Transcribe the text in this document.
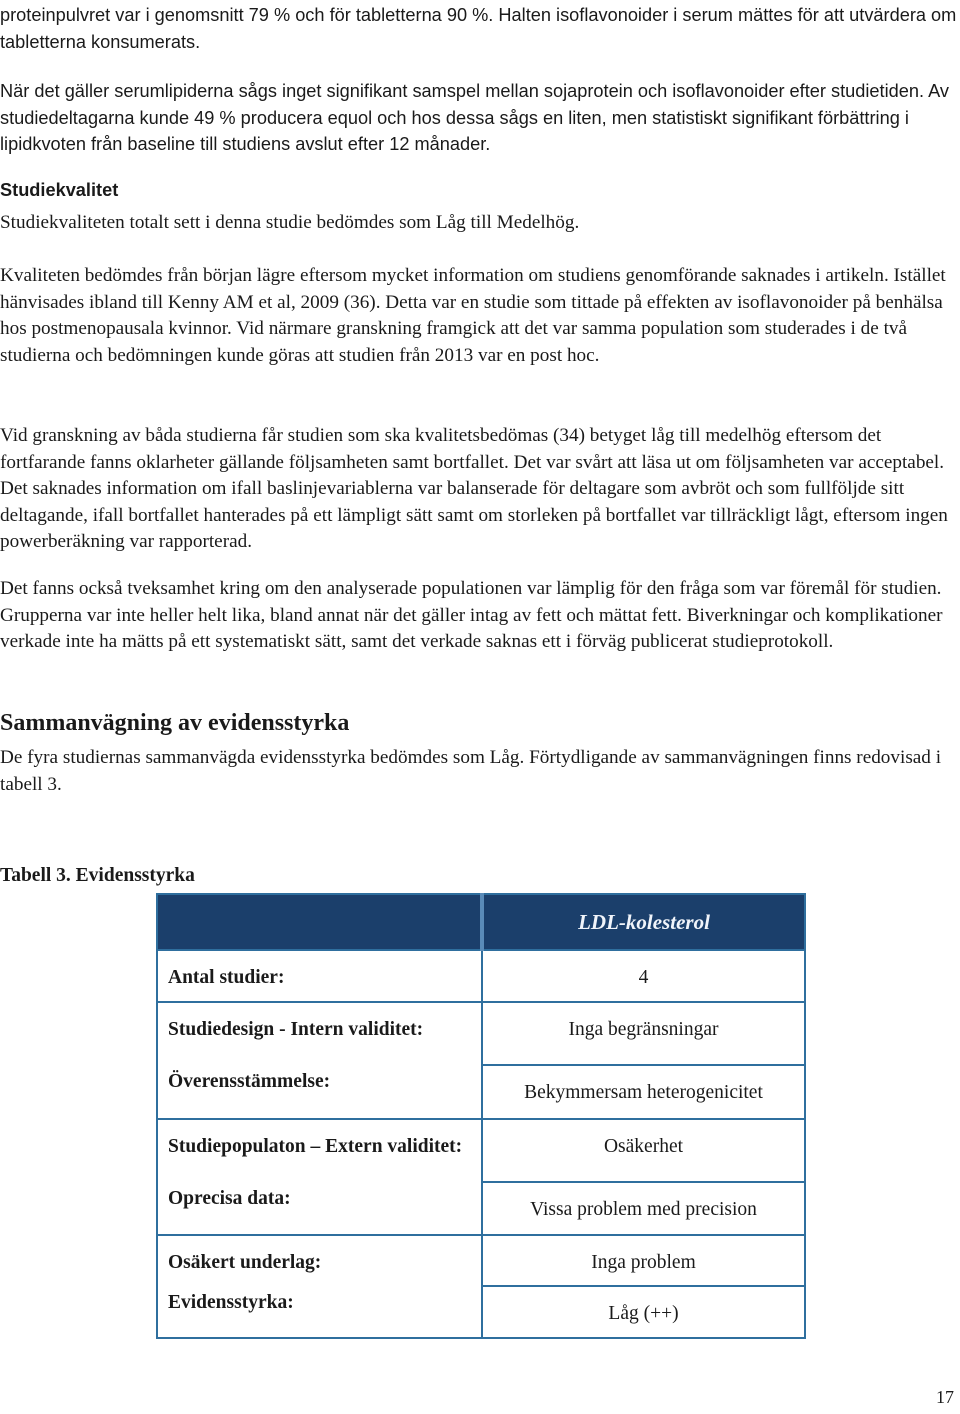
proteinpulvret var i genomsnitt 79 % och för tabletterna 90 %. Halten isoflavonoider i serum mättes för att utvärdera om tabletterna konsumerats.

När det gäller serumlipiderna sågs inget signifikant samspel mellan sojaprotein och isoflavonoider efter studietiden. Av studiedeltagarna kunde 49 % producera equol och hos dessa sågs en liten, men statistiskt signifikant förbättring i lipidkvoten från baseline till studiens avslut efter 12 månader.

Studiekvalitet

Studiekvaliteten totalt sett i denna studie bedömdes som Låg till Medelhög.

Kvaliteten bedömdes från början lägre eftersom mycket information om studiens genomförande saknades i artikeln. Istället hänvisades ibland till Kenny AM et al, 2009 (36). Detta var en studie som tittade på effekten av isoflavonoider på benhälsa hos postmenopausala kvinnor. Vid närmare granskning framgick att det var samma population som studerades i de två studierna och bedömningen kunde göras att studien från 2013 var en post hoc.

Vid granskning av båda studierna får studien som ska kvalitetsbedömas (34) betyget låg till medelhög eftersom det fortfarande fanns oklarheter gällande följsamheten samt bortfallet. Det var svårt att läsa ut om följsamheten var acceptabel. Det saknades information om ifall baslinjevariablerna var balanserade för deltagare som avbröt och som fullföljde sitt deltagande, ifall bortfallet hanterades på ett lämpligt sätt samt om storleken på bortfallet var tillräckligt lågt, eftersom ingen powerberäkning var rapporterad.

Det fanns också tveksamhet kring om den analyserade populationen var lämplig för den fråga som var föremål för studien. Grupperna var inte heller helt lika, bland annat när det gäller intag av fett och mättat fett. Biverkningar och komplikationer verkade inte ha mätts på ett systematiskt sätt, samt det verkade saknas ett i förväg publicerat studieprotokoll.

Sammanvägning av evidensstyrka

De fyra studiernas sammanvägda evidensstyrka bedömdes som Låg. Förtydligande av sammanvägningen finns redovisad i tabell 3.

Tabell 3. Evidensstyrka

	LDL-kolesterol
Antal studier:	4
Studiedesign - Intern validitet:	Inga begränsningar
Överensstämmelse:	Bekymmersam heterogenicitet
Studiepopulaton – Extern validitet:	Osäkerhet
Oprecisa data:	Vissa problem med precision
Osäkert underlag:	Inga problem
Evidensstyrka:	Låg (++)

17
